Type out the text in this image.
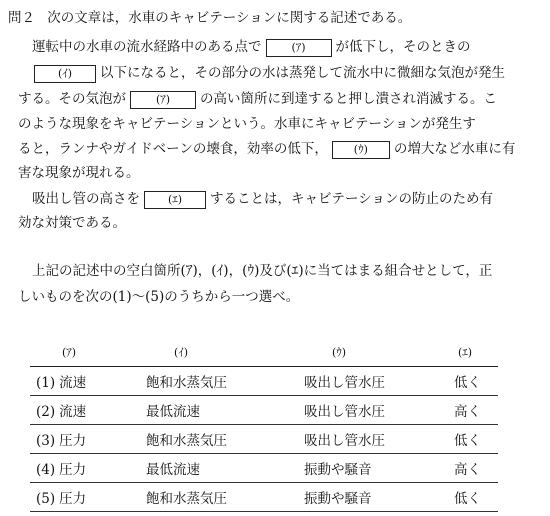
問２ 次の文章は，水車のキャビテーションに関する記述である。
運転中の水車の流水経路中のある点で	(ｱ) が低下し，そのときの
(ｲ) 以下になると，その部分の水は蒸発して流水中に微細な気泡が発生
する。その気泡が	(ｱ) の高い箇所に到達すると押し潰され消滅する。こ
のような現象をキャビテーションという。水車にキャビテーションが発生す
ると，ランナやガイドベーンの壊食，効率の低下， (ｳ) の増大など水車に有
害な現象が現れる。
吸出し管の高さを	(ｴ) することは，キャビテーションの防止のため有
効な対策である。
上記の記述中の空白箇所(ｱ)，(ｲ)，(ｳ)及び(ｴ)に当てはまる組合せとして，正
しいものを次の(1)～(5)のうちから一つ選べ。
(ｱ)	(ｲ)	(ｳ)	(ｴ)
(1) 流速	飽和水蒸気圧	吸出し管水圧	低く
(2) 流速	最低流速	吸出し管水圧	高く
(3) 圧力	飽和水蒸気圧	吸出し管水圧	低く
(4) 圧力	最低流速	振動や騒音	高く
(5) 圧力	飽和水蒸気圧	振動や騒音	低く
